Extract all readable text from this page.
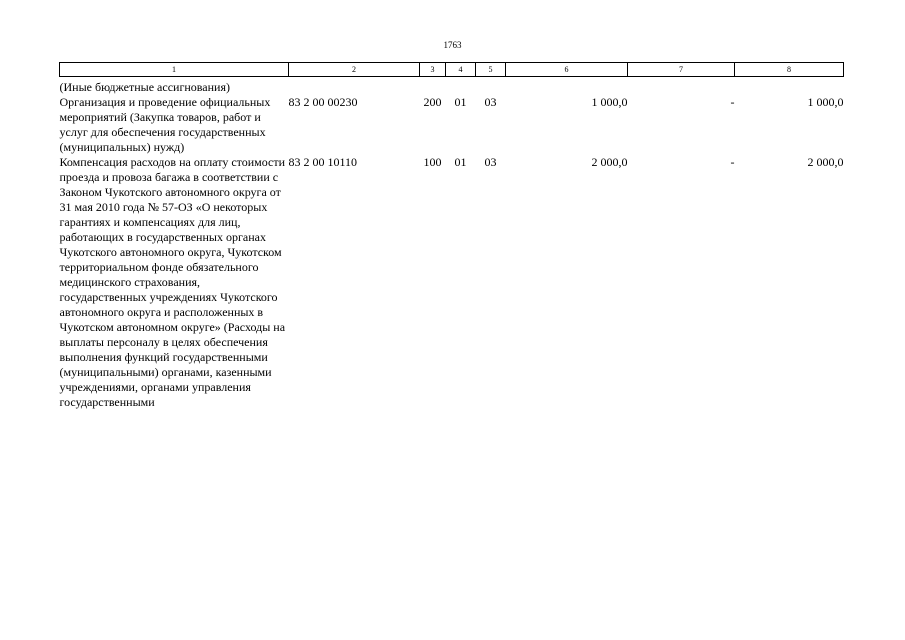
1763
1	2	3	4	5	6	7	8
(Иные бюджетные ассигнования)							
Организация и проведение официальных мероприятий (Закупка товаров, работ и услуг для обеспечения государственных (муниципальных) нужд)	83 2 00 00230	200	01	03	1 000,0	-	1 000,0
Компенсация расходов на оплату стоимости проезда и провоза багажа в соответствии с Законом Чукотского автономного округа от 31 мая 2010 года № 57-ОЗ «О некоторых гарантиях и компенсациях для лиц, работающих в государственных органах Чукотского автономного округа, Чукотском территориальном фонде обязательного медицинского страхования, государственных учреждениях Чукотского автономного округа и расположенных в Чукотском автономном округе» (Расходы на выплаты персоналу в целях обеспечения выполнения функций государственными (муниципальными) органами, казенными учреждениями, органами управления государственными	83 2 00 10110	100	01	03	2 000,0	-	2 000,0
